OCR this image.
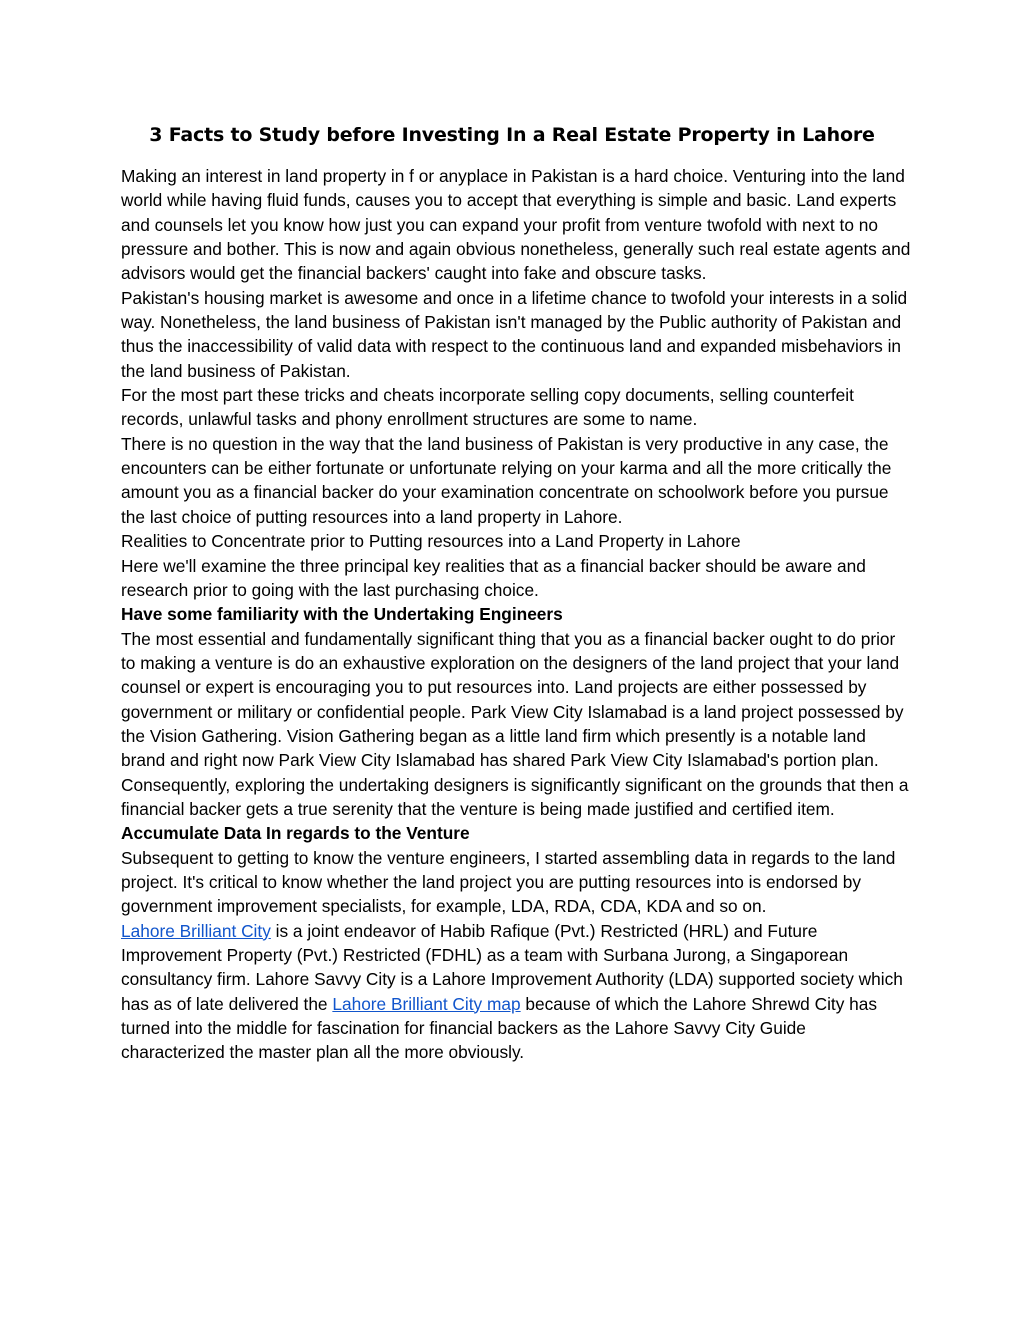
3 Facts to Study before Investing In a Real Estate Property in Lahore

Making an interest in land property in f or anyplace in Pakistan is a hard choice. Venturing into the land world while having fluid funds, causes you to accept that everything is simple and basic. Land experts and counsels let you know how just you can expand your profit from venture twofold with next to no pressure and bother. This is now and again obvious nonetheless, generally such real estate agents and advisors would get the financial backers' caught into fake and obscure tasks.

Pakistan's housing market is awesome and once in a lifetime chance to twofold your interests in a solid way. Nonetheless, the land business of Pakistan isn't managed by the Public authority of Pakistan and thus the inaccessibility of valid data with respect to the continuous land and expanded misbehaviors in the land business of Pakistan.

For the most part these tricks and cheats incorporate selling copy documents, selling counterfeit records, unlawful tasks and phony enrollment structures are some to name.

There is no question in the way that the land business of Pakistan is very productive in any case, the encounters can be either fortunate or unfortunate relying on your karma and all the more critically the amount you as a financial backer do your examination concentrate on schoolwork before you pursue the last choice of putting resources into a land property in Lahore.

Realities to Concentrate prior to Putting resources into a Land Property in Lahore

Here we'll examine the three principal key realities that as a financial backer should be aware and research prior to going with the last purchasing choice.

Have some familiarity with the Undertaking Engineers

The most essential and fundamentally significant thing that you as a financial backer ought to do prior to making a venture is do an exhaustive exploration on the designers of the land project that your land counsel or expert is encouraging you to put resources into. Land projects are either possessed by government or military or confidential people. Park View City Islamabad is a land project possessed by the Vision Gathering. Vision Gathering began as a little land firm which presently is a notable land brand and right now Park View City Islamabad has shared Park View City Islamabad's portion plan.

Consequently, exploring the undertaking designers is significantly significant on the grounds that then a financial backer gets a true serenity that the venture is being made justified and certified item.

Accumulate Data In regards to the Venture

Subsequent to getting to know the venture engineers, I started assembling data in regards to the land project. It's critical to know whether the land project you are putting resources into is endorsed by government improvement specialists, for example, LDA, RDA, CDA, KDA and so on.

Lahore Brilliant City is a joint endeavor of Habib Rafique (Pvt.) Restricted (HRL) and Future Improvement Property (Pvt.) Restricted (FDHL) as a team with Surbana Jurong, a Singaporean consultancy firm. Lahore Savvy City is a Lahore Improvement Authority (LDA) supported society which has as of late delivered the Lahore Brilliant City map because of which the Lahore Shrewd City has turned into the middle for fascination for financial backers as the Lahore Savvy City Guide characterized the master plan all the more obviously.
